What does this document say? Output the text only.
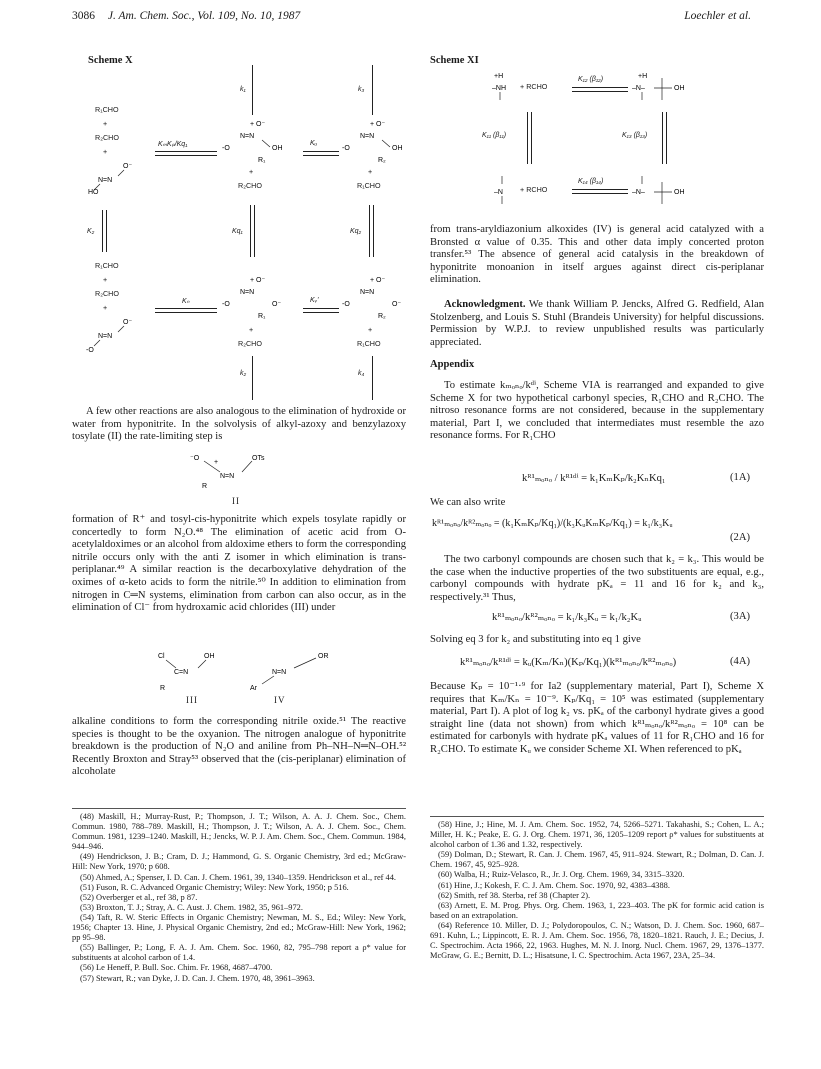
3086 J. Am. Chem. Soc., Vol. 109, No. 10, 1987	Loechler et al.
Scheme X
R₁CHO
+
R₂CHO
+
N=N
O⁻
HO
KₘKₚ/Kq₁
+ O⁻
N=N
-O	OH
R₁
+
R₂CHO
Kᵤ
+ O⁻
N=N
-O	OH
R₂
+
R₁CHO
k₁	k₃
K₂	Kq₁	Kq₂
R₁CHO
+
R₂CHO
+
N=N
O⁻
-O
Kₙ
+ O⁻
N=N
-O	O⁻
R₁
+
R₂CHO
Kᵥ'
+ O⁻
N=N
-O	O⁻
R₂
+
R₁CHO
k₂	k₄

A few other reactions are also analogous to the elimination of hydroxide or water from hyponitrite. In the solvolysis of alkyl-azoxy and benzylazoxy tosylate (II) the rate-limiting step is

⁻O
+
OTs
N=N
R
II

formation of R⁺ and tosyl-cis-hyponitrite which expels tosylate rapidly or concertedly to form N₂O.⁴⁸ The elimination of acetic acid from O-acetylaldoximes or an alcohol from aldoxime ethers to form the corresponding nitrile occurs only with the anti Z isomer in which elimination is trans-periplanar.⁴⁹ A similar reaction is the decarboxylative dehydration of the oximes of α-keto acids to form the nitrile.⁵⁰ In addition to elimination from nitrogen in C═N systems, elimination from carbon can also occur, as in the elimination of Cl⁻ from hydroxamic acid chlorides (III) under

Cl	OH
C=N
R
OR
N=N
Ar
III	IV

alkaline conditions to form the corresponding nitrile oxide.⁵¹ The reactive species is thought to be the oxyanion. The nitrogen analogue of hyponitrite breakdown is the production of N₂O and aniline from Ph–NH–N═N–OH.⁵² Recently Broxton and Stray⁵³ observed that the (cis-periplanar) elimination of alcoholate

(48) Maskill, H.; Murray-Rust, P.; Thompson, J. T.; Wilson, A. A. J. Chem. Soc., Chem. Commun. 1980, 788–789. Maskill, H.; Thompson, J. T.; Wilson, A. A. J. Chem. Soc., Chem. Commun. 1981, 1239–1240. Maskill, H.; Jencks, W. P. J. Am. Chem. Soc., Chem. Commun. 1984, 944–946.

(49) Hendrickson, J. B.; Cram, D. J.; Hammond, G. S. Organic Chemistry, 3rd ed.; McGraw-Hill: New York, 1970; p 608.

(50) Ahmed, A.; Spenser, I. D. Can. J. Chem. 1961, 39, 1340–1359. Hendrickson et al., ref 44.

(51) Fuson, R. C. Advanced Organic Chemistry; Wiley: New York, 1950; p 516.

(52) Overberger et al., ref 38, p 87.

(53) Broxton, T. J.; Stray, A. C. Aust. J. Chem. 1982, 35, 961–972.

(54) Taft, R. W. Steric Effects in Organic Chemistry; Newman, M. S., Ed.; Wiley: New York, 1956; Chapter 13. Hine, J. Physical Organic Chemistry, 2nd ed.; McGraw-Hill: New York, 1962; pp 95–98.

(55) Ballinger, P.; Long, F. A. J. Am. Chem. Soc. 1960, 82, 795–798 report a ρ* value for substituents at alcohol carbon of 1.4.

(56) Le Heneff, P. Bull. Soc. Chim. Fr. 1968, 4687–4700.

(57) Stewart, R.; van Dyke, J. D. Can. J. Chem. 1970, 48, 3961–3963.

Scheme XI
+H
–NH + RCHO
K₁₂ (β₁₂)	+H
–N–	OH
K₁₁ (β₁₁)	K₁₃ (β₁₃)
–N + RCHO
K₁₄ (β₁₄)
–N–	OH

from trans-aryldiazonium alkoxides (IV) is general acid catalyzed with a Bronsted α value of 0.35. This and other data imply concerted proton transfer.⁵³ The absence of general acid catalysis in the breakdown of hyponitrite monoanion in itself argues against direct cis-periplanar elimination.

Acknowledgment. We thank William P. Jencks, Alfred G. Redfield, Alan Stolzenberg, and Louis S. Stuhl (Brandeis University) for helpful discussions. Permission by W.P.J. to review unpublished results was particularly appreciated.

Appendix

To estimate kₘₒₙₒ/kᵈⁱ, Scheme VIA is rearranged and expanded to give Scheme X for two hypothetical carbonyl species, R₁CHO and R₂CHO. The nitroso resonance forms are not considered, because in the supplementary material, Part I, we concluded that intermediates must resemble the azo resonance forms. For R₁CHO

kᴿ¹ₘₒₙₒ / kᴿ¹ᵈⁱ = k₁KₘKₚ/k₂KₙKq₁	(1A)

We can also write

kᴿ¹ₘₒₙₒ/kᴿ²ₘₒₙₒ = (k₁KₘKₚ/Kq₁)/(k₃KᵤKₘKₚ/Kq₁) = k₁/k₃Kᵤ
(2A)

The two carbonyl compounds are chosen such that k₂ = k₃. This would be the case when the inductive properties of the two substituents are equal, e.g., carbonyl compounds with hydrate pKₐ = 11 and 16 for k₂ and k₃, respectively.³¹ Thus,

kᴿ¹ₘₒₙₒ/kᴿ²ₘₒₙₒ = k₁/k₃Kᵤ = k₁/k₂Kᵤ	(3A)

Solving eq 3 for k₂ and substituting into eq 1 give

kᴿ¹ₘₒₙₒ/kᴿ¹ᵈⁱ = kᵤ(Kₘ/Kₙ)(Kₚ/Kq₁)(kᴿ¹ₘₒₙₒ/kᴿ²ₘₒₙₒ)	(4A)

Because Kₚ = 10⁻¹·⁹ for Ia2 (supplementary material, Part I), Scheme X requires that Kₘ/Kₙ = 10⁻⁹. Kₚ/Kq₁ = 10⁵ was estimated (supplementary material, Part I). A plot of log k₂ vs. pKₐ of the carbonyl hydrate gives a good straight line (data not shown) from which kᴿ¹ₘₒₙₒ/kᴿ²ₘₒₙₒ = 10⁸ can be estimated for carbonyls with hydrate pKₐ values of 11 for R₁CHO and 16 for R₂CHO. To estimate Kᵤ we consider Scheme XI. When referenced to pKₐ

(58) Hine, J.; Hine, M. J. Am. Chem. Soc. 1952, 74, 5266–5271. Takahashi, S.; Cohen, L. A.; Miller, H. K.; Peake, E. G. J. Org. Chem. 1971, 36, 1205–1209 report ρ* values for substituents at alcohol carbon of 1.36 and 1.32, respectively.

(59) Dolman, D.; Stewart, R. Can. J. Chem. 1967, 45, 911–924. Stewart, R.; Dolman, D. Can. J. Chem. 1967, 45, 925–928.

(60) Walba, H.; Ruiz-Velasco, R., Jr. J. Org. Chem. 1969, 34, 3315–3320.

(61) Hine, J.; Kokesh, F. C. J. Am. Chem. Soc. 1970, 92, 4383–4388.

(62) Smith, ref 38. Sterba, ref 38 (Chapter 2).

(63) Arnett, E. M. Prog. Phys. Org. Chem. 1963, 1, 223–403. The pK for formic acid cation is based on an extrapolation.

(64) Reference 10. Miller, D. J.; Polydoropoulos, C. N.; Watson, D. J. Chem. Soc. 1960, 687–691. Kuhn, L.; Lippincott, E. R. J. Am. Chem. Soc. 1956, 78, 1820–1821. Rauch, J. E.; Decius, J. C. Spectrochim. Acta 1966, 22, 1963. Hughes, M. N. J. Inorg. Nucl. Chem. 1967, 29, 1376–1377. McGraw, G. E.; Bernitt, D. L.; Hisatsune, I. C. Spectrochim. Acta 1967, 23A, 25–34.
